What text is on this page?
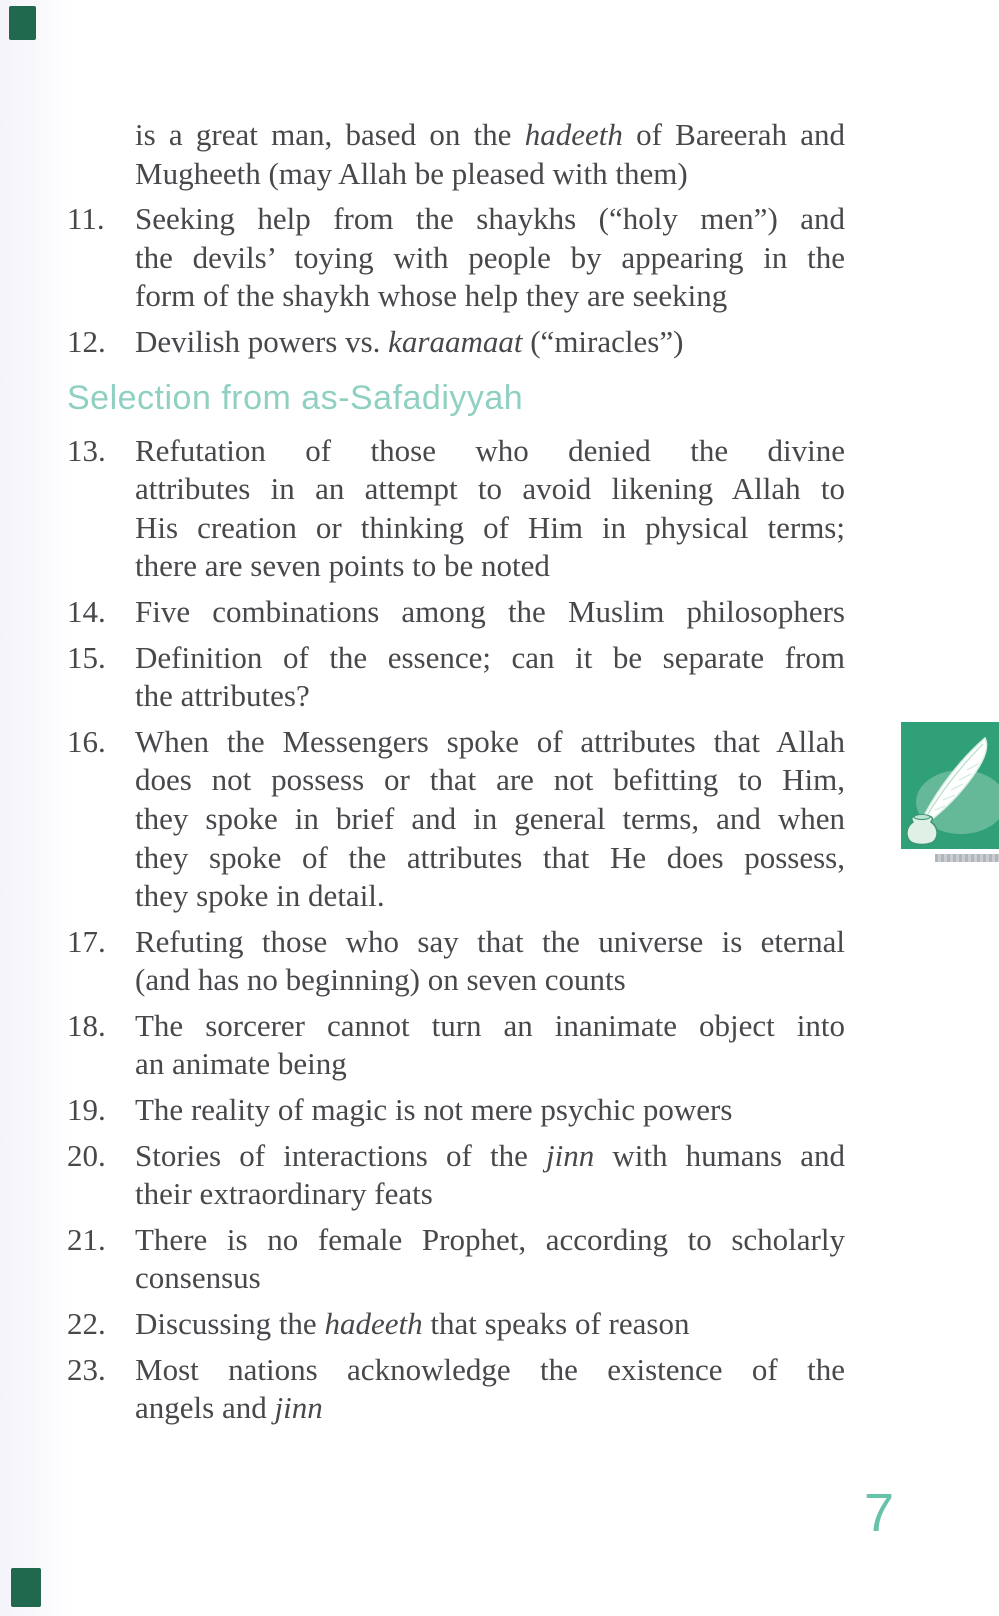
is a great man, based on the hadeeth of Bareerah and
Mugheeth (may Allah be pleased with them)
11. Seeking help from the shaykhs (“holy men”) and
the devils’ toying with people by appearing in the
form of the shaykh whose help they are seeking
12. Devilish powers vs. karaamaat (“miracles”)
Selection from as-Safadiyyah
13. Refutation of those who denied the divine
attributes in an attempt to avoid likening Allah to
His creation or thinking of Him in physical terms;
there are seven points to be noted
14. Five combinations among the Muslim philosophers
15. Definition of the essence; can it be separate from
the attributes?
16. When the Messengers spoke of attributes that Allah
does not possess or that are not befitting to Him,
they spoke in brief and in general terms, and when
they spoke of the attributes that He does possess,
they spoke in detail.
17. Refuting those who say that the universe is eternal
(and has no beginning) on seven counts
18. The sorcerer cannot turn an inanimate object into
an animate being
19. The reality of magic is not mere psychic powers
20. Stories of interactions of the jinn with humans and
their extraordinary feats
21. There is no female Prophet, according to scholarly
consensus
22. Discussing the hadeeth that speaks of reason
23. Most nations acknowledge the existence of the
angels and jinn
7
